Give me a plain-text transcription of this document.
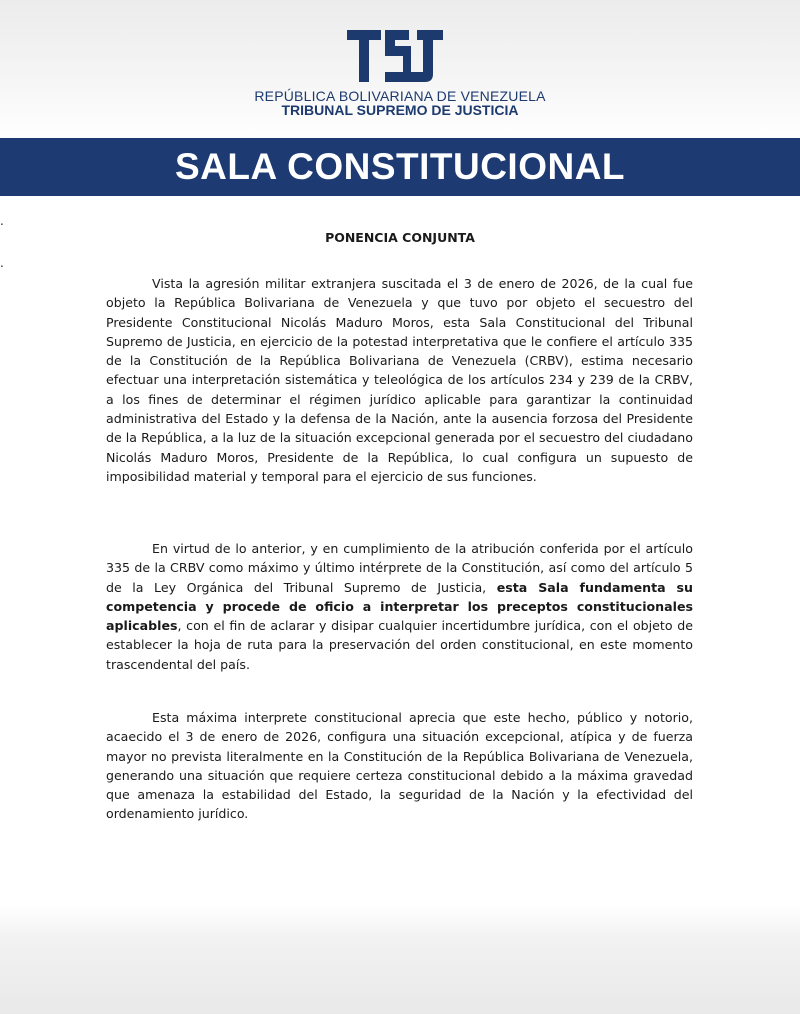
REPÚBLICA BOLIVARIANA DE VENEZUELA
TRIBUNAL SUPREMO DE JUSTICIA
SALA CONSTITUCIONAL
.
.
PONENCIA CONJUNTA

Vista la agresión militar extranjera suscitada el 3 de enero de 2026, de la cual fue objeto la República Bolivariana de Venezuela y que tuvo por objeto el secuestro del Presidente Constitucional Nicolás Maduro Moros, esta Sala Constitucional del Tribunal Supremo de Justicia, en ejercicio de la potestad interpretativa que le confiere el artículo 335 de la Constitución de la República Bolivariana de Venezuela (CRBV), estima necesario efectuar una interpretación sistemática y teleológica de los artículos 234 y 239 de la CRBV, a los fines de determinar el régimen jurídico aplicable para garantizar la continuidad administrativa del Estado y la defensa de la Nación, ante la ausencia forzosa del Presidente de la República, a la luz de la situación excepcional generada por el secuestro del ciudadano Nicolás Maduro Moros, Presidente de la República, lo cual configura un supuesto de imposibilidad material y temporal para el ejercicio de sus funciones.

En virtud de lo anterior, y en cumplimiento de la atribución conferida por el artículo 335 de la CRBV como máximo y último intérprete de la Constitución, así como del artículo 5 de la Ley Orgánica del Tribunal Supremo de Justicia, esta Sala fundamenta su competencia y procede de oficio a interpretar los preceptos constitucionales aplicables, con el fin de aclarar y disipar cualquier incertidumbre jurídica, con el objeto de establecer la hoja de ruta para la preservación del orden constitucional, en este momento trascendental del país.

Esta máxima interprete constitucional aprecia que este hecho, público y notorio, acaecido el 3 de enero de 2026, configura una situación excepcional, atípica y de fuerza mayor no prevista literalmente en la Constitución de la República Bolivariana de Venezuela, generando una situación que requiere certeza constitucional debido a la máxima gravedad que amenaza la estabilidad del Estado, la seguridad de la Nación y la efectividad del ordenamiento jurídico.
